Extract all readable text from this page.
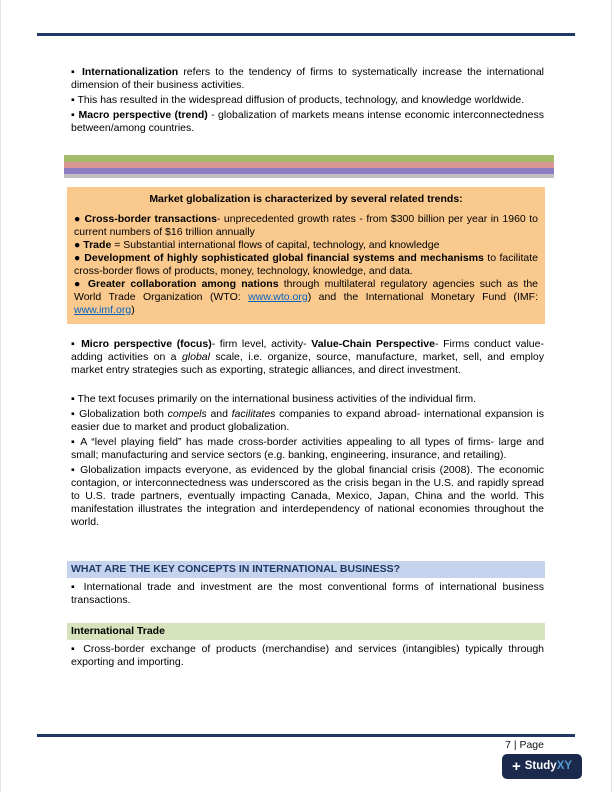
▪ Internationalization refers to the tendency of firms to systematically increase the international dimension of their business activities.

▪ This has resulted in the widespread diffusion of products, technology, and knowledge worldwide.

▪ Macro perspective (trend) - globalization of markets means intense economic interconnectedness between/among countries.

Market globalization is characterized by several related trends:

● Cross-border transactions- unprecedented growth rates - from $300 billion per year in 1960 to current numbers of $16 trillion annually

● Trade = Substantial international flows of capital, technology, and knowledge

● Development of highly sophisticated global financial systems and mechanisms to facilitate cross-border flows of products, money, technology, knowledge, and data.

● Greater collaboration among nations through multilateral regulatory agencies such as the World Trade Organization (WTO: www.wto.org) and the International Monetary Fund (IMF: www.imf.org)

▪ Micro perspective (focus)- firm level, activity- Value-Chain Perspective- Firms conduct value-adding activities on a global scale, i.e. organize, source, manufacture, market, sell, and employ market entry strategies such as exporting, strategic alliances, and direct investment.

▪ The text focuses primarily on the international business activities of the individual firm.

▪ Globalization both compels and facilitates companies to expand abroad- international expansion is easier due to market and product globalization.

▪ A “level playing field” has made cross-border activities appealing to all types of firms- large and small; manufacturing and service sectors (e.g. banking, engineering, insurance, and retailing).

▪ Globalization impacts everyone, as evidenced by the global financial crisis (2008). The economic contagion, or interconnectedness was underscored as the crisis began in the U.S. and rapidly spread to U.S. trade partners, eventually impacting Canada, Mexico, Japan, China and the world. This manifestation illustrates the integration and interdependency of national economies throughout the world.

WHAT ARE THE KEY CONCEPTS IN INTERNATIONAL BUSINESS?

▪ International trade and investment are the most conventional forms of international business transactions.

International Trade

▪ Cross-border exchange of products (merchandise) and services (intangibles) typically through exporting and importing.

7 | Page
+ StudyXY
